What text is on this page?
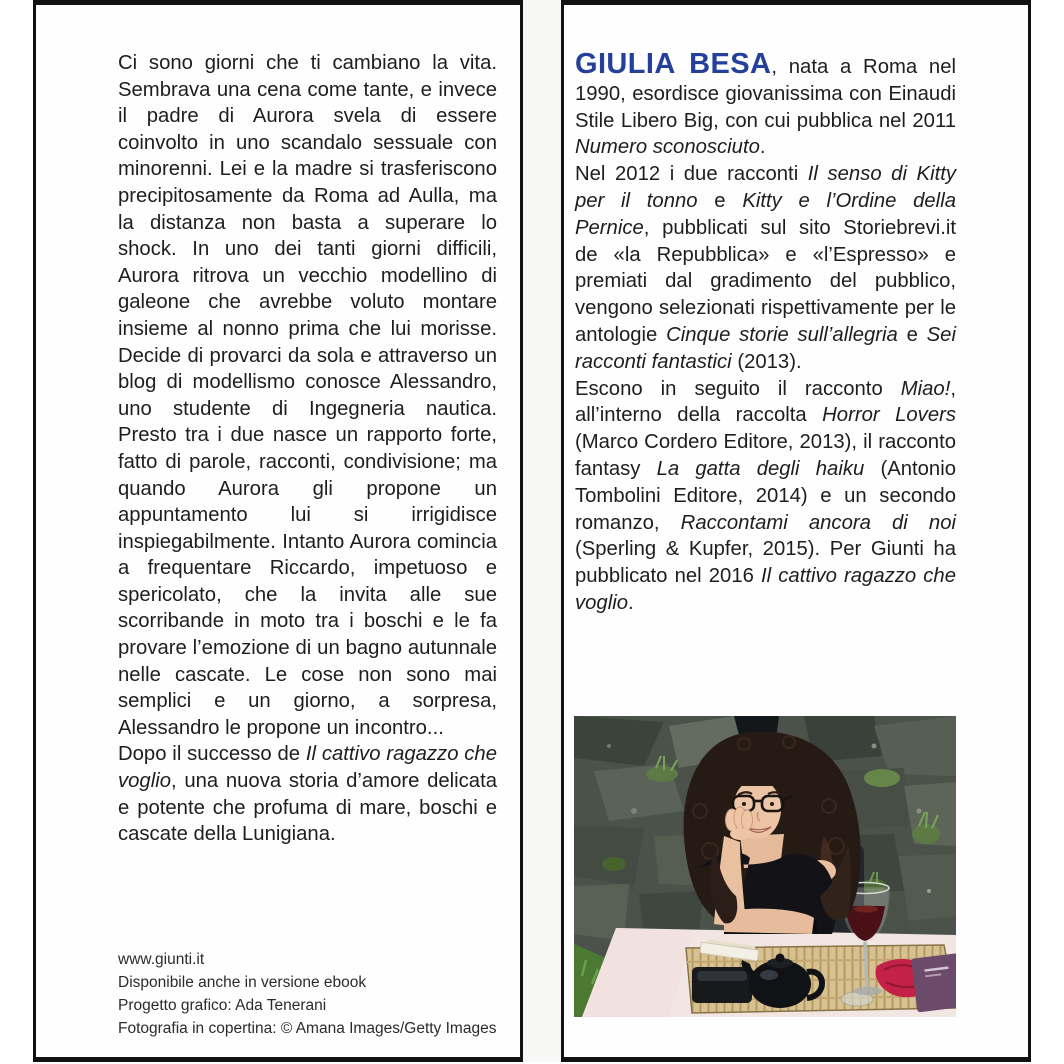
Ci sono giorni che ti cambiano la vita. Sembrava una cena come tante, e invece il padre di Aurora svela di essere coinvolto in uno scandalo sessuale con minorenni. Lei e la madre si trasferiscono precipitosamente da Roma ad Aulla, ma la distanza non basta a superare lo shock. In uno dei tanti giorni difficili, Aurora ritrova un vecchio modellino di galeone che avrebbe voluto montare insieme al nonno prima che lui morisse. Decide di provarci da sola e attraverso un blog di modellismo conosce Alessandro, uno studente di Ingegneria nautica. Presto tra i due nasce un rapporto forte, fatto di parole, racconti, condivisione; ma quando Aurora gli propone un appuntamento lui si irrigidisce inspiegabilmente. Intanto Aurora comincia a frequentare Riccardo, impetuoso e spericolato, che la invita alle sue scorribande in moto tra i boschi e le fa provare l’emozione di un bagno autunnale nelle cascate. Le cose non sono mai semplici e un giorno, a sorpresa, Alessandro le propone un incontro...

Dopo il successo de Il cattivo ragazzo che voglio, una nuova storia d’amore delicata e potente che profuma di mare, boschi e cascate della Lunigiana.

www.giunti.it
Disponibile anche in versione ebook
Progetto grafico: Ada Tenerani
Fotografia in copertina: © Amana Images/Getty Images

GIULIA BESA, nata a Roma nel 1990, esordisce giovanissima con Einaudi Stile Libero Big, con cui pubblica nel 2011 Numero sconosciuto.

Nel 2012 i due racconti Il senso di Kitty per il tonno e Kitty e l’Ordine della Pernice, pubblicati sul sito Storiebrevi.it de «la Repubblica» e «l’Espresso» e premiati dal gradimento del pubblico, vengono selezionati rispettivamente per le antologie Cinque storie sull’allegria e Sei racconti fantastici (2013).

Escono in seguito il racconto Miao!, all’interno della raccolta Horror Lovers (Marco Cordero Editore, 2013), il racconto fantasy La gatta degli haiku (Antonio Tombolini Editore, 2014) e un secondo romanzo, Raccontami ancora di noi (Sperling & Kupfer, 2015). Per Giunti ha pubblicato nel 2016 Il cattivo ragazzo che voglio.
